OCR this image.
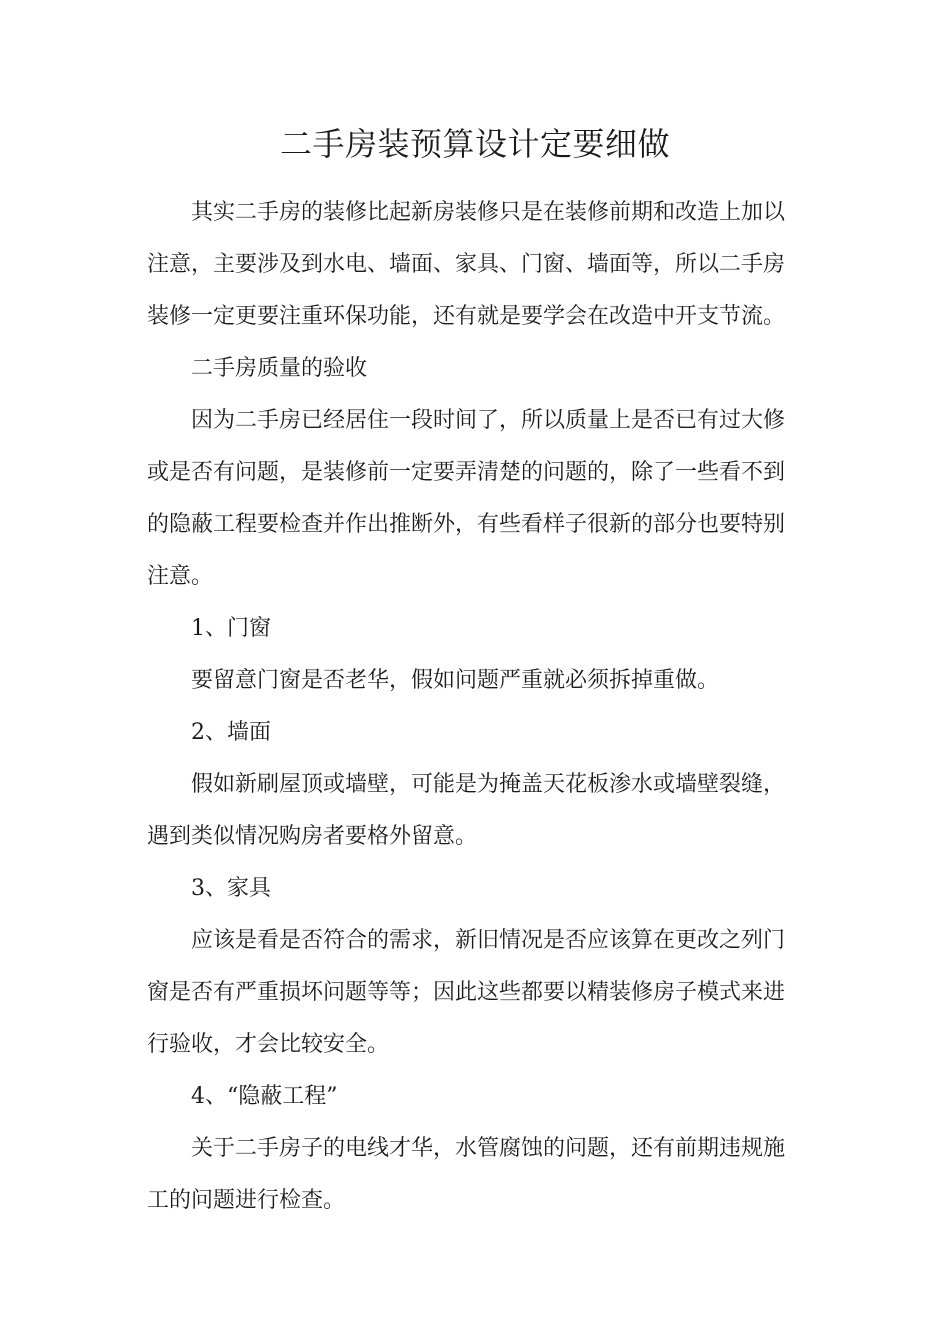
二手房装预算设计定要细做
其实二手房的装修比起新房装修只是在装修前期和改造上加以
注意，主要涉及到水电、墙面、家具、门窗、墙面等，所以二手房
装修一定更要注重环保功能，还有就是要学会在改造中开支节流。
二手房质量的验收
因为二手房已经居住一段时间了，所以质量上是否已有过大修
或是否有问题，是装修前一定要弄清楚的问题的，除了一些看不到
的隐蔽工程要检查并作出推断外，有些看样子很新的部分也要特别
注意。
1、门窗
要留意门窗是否老华，假如问题严重就必须拆掉重做。
2、墙面
假如新刷屋顶或墙壁，可能是为掩盖天花板渗水或墙壁裂缝，
遇到类似情况购房者要格外留意。
3、家具
应该是看是否符合的需求，新旧情况是否应该算在更改之列门
窗是否有严重损坏问题等等；因此这些都要以精装修房子模式来进
行验收，才会比较安全。
4、“隐蔽工程”
关于二手房子的电线才华，水管腐蚀的问题，还有前期违规施
工的问题进行检查。
